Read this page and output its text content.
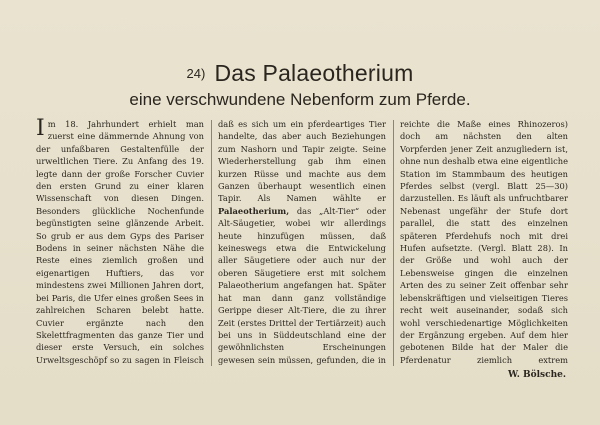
24) Das Palaeotherium
eine verschwundene Nebenform zum Pferde.
Im 18. Jahrhundert erhielt man zuerst eine dämmernde Ahnung von der unfaßbaren Gestaltenfülle der urweltlichen Tiere. Zu Anfang des 19. legte dann der große Forscher Cuvier den ersten Grund zu einer klaren Wissenschaft von diesen Dingen. Besonders glückliche Nochenfunde begünstigten seine glänzende Arbeit. So grub er aus dem Gyps des Pariser Bodens in seiner nächsten Nähe die Reste eines ziemlich großen und eigenartigen Huftiers, das vor mindestens zwei Millionen Jahren dort, bei Paris, die Ufer eines großen Sees in zahlreichen Scharen belebt hatte. Cuvier ergänzte nach den Skelettfragmenten das ganze Tier und dieser erste Versuch, ein solches Urweltsgeschöpf so zu sagen in Fleisch
daß es sich um ein pferdeartiges Tier handelte, das aber auch Beziehungen zum Nashorn und Tapir zeigte. Seine Wiederherstellung gab ihm einen kurzen Rüsse und machte aus dem Ganzen überhaupt wesentlich einen Tapir. Als Namen wählte er Palaeotherium, das „Alt-Tier“ oder Alt-Säugetier, wobei wir allerdings heute hinzufügen müssen, daß keineswegs etwa die Entwickelung aller Säugetiere oder auch nur der oberen Säugetiere erst mit solchem Palaeotherium angefangen hat. Später hat man dann ganz vollständige Gerippe dieser Alt-Tiere, die zu ihrer Zeit (erstes Drittel der Tertiärzeit) auch bei uns in Süddeutschland eine der gewöhnlichsten Erscheinungen gewesen sein müssen, gefunden, die in
reichte die Maße eines Rhinozeros) doch am nächsten den alten Vorpferden jener Zeit anzugliedern ist, ohne nun deshalb etwa eine eigentliche Station im Stammbaum des heutigen Pferdes selbst (vergl. Blatt 25—30) darzustellen. Es läuft als unfruchtbarer Nebenast ungefähr der Stufe dort parallel, die statt des einzelnen späteren Pferdehufs noch mit drei Hufen aufsetzte. (Vergl. Blatt 28). In der Größe und wohl auch der Lebensweise gingen die einzelnen Arten des zu seiner Zeit offenbar sehr lebenskräftigen und vielseitigen Tieres recht weit auseinander, sodaß sich wohl verschiedenartige Möglichkeiten der Ergänzung ergeben. Auf dem hier gebotenen Bilde hat der Maler die Pferdenatur ziemlich extrem
W. Bölsche.
